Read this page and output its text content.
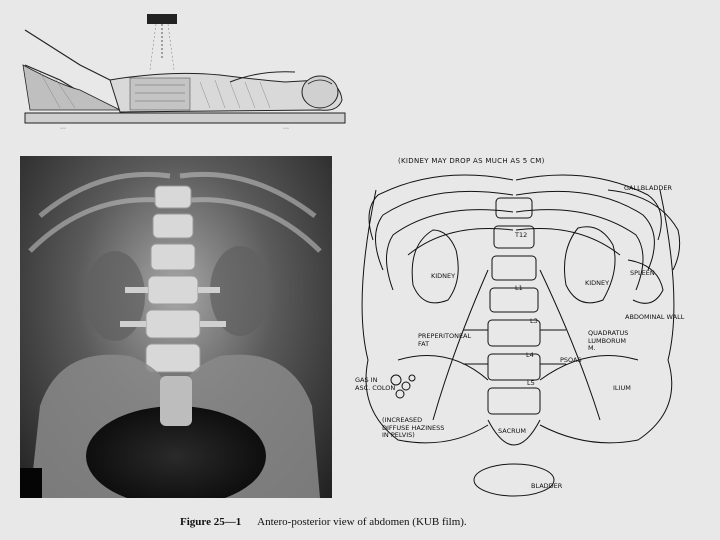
···	···
(KIDNEY MAY DROP AS MUCH AS 5 CM)
GALLBLADDER
T12
KIDNEY
KIDNEY
SPLEEN
L1
L3
L4
L5
PREPERITONEAL
FAT
ABDOMINAL WALL
QUADRATUS
LUMBORUM
M.
PSOAS
ILIUM
GAS IN
ASC. COLON
(INCREASED
DIFFUSE HAZINESS
IN PELVIS)	SACRUM
BLADDER
Figure 25—1 Antero-posterior view of abdomen (KUB film).
